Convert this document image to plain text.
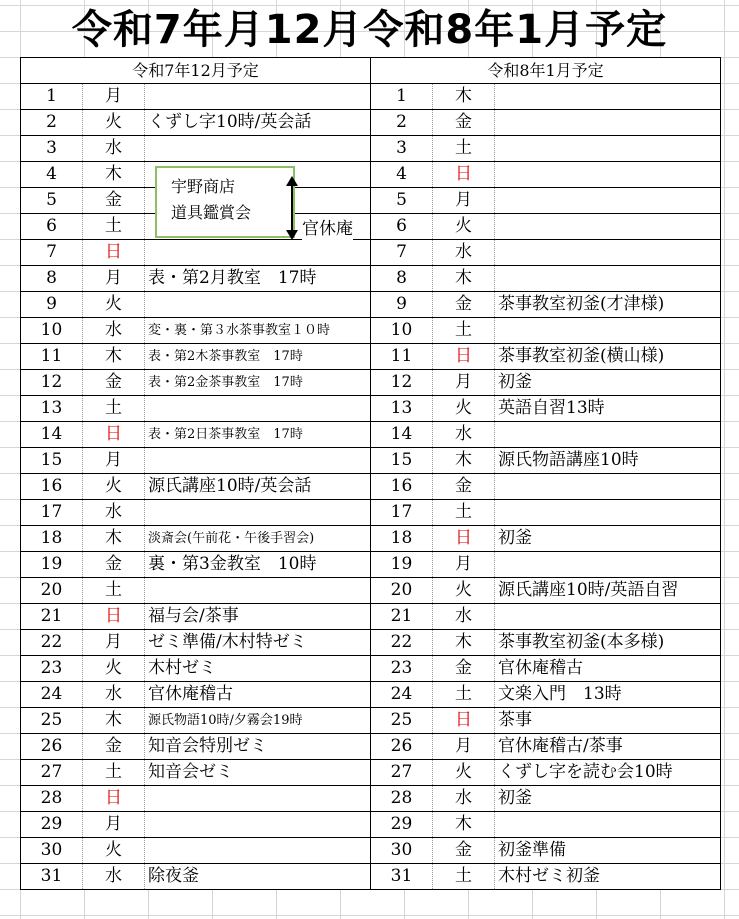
令和7年月12月令和8年1月予定
令和7年12月予定			令和8年1月予定		
1	月		1	木	
2	火	くずし字10時/英会話	2	金	
3	水		3	土	
4	木		4	日	
5	金		5	月	
6	土		6	火	
7	日		7	水	
8	月	表・第2月教室　17時	8	木	
9	火		9	金	茶事教室初釜(才津様)
10	水	変・裏・第３水茶事教室１０時	10	土	
11	木	表・第2木茶事教室　17時	11	日	茶事教室初釜(横山様)
12	金	表・第2金茶事教室　17時	12	月	初釜
13	土		13	火	英語自習13時
14	日	表・第2日茶事教室　17時	14	水	
15	月		15	木	源氏物語講座10時
16	火	源氏講座10時/英会話	16	金	
17	水		17	土	
18	木	淡斎会(午前花・午後手習会)	18	日	初釜
19	金	裏・第3金教室　10時	19	月	
20	土		20	火	源氏講座10時/英語自習
21	日	福与会/茶事	21	水	
22	月	ゼミ準備/木村特ゼミ	22	木	茶事教室初釜(本多様)
23	火	木村ゼミ	23	金	官休庵稽古
24	水	官休庵稽古	24	土	文楽入門　13時
25	木	源氏物語10時/夕霧会19時	25	日	茶事
26	金	知音会特別ゼミ	26	月	官休庵稽古/茶事
27	土	知音会ゼミ	27	火	くずし字を読む会10時
28	日		28	水	初釜
29	月		29	木	
30	火		30	金	初釜準備
31	水	除夜釜	31	土	木村ゼミ初釜
宇野商店
道具鑑賞会
官休庵
